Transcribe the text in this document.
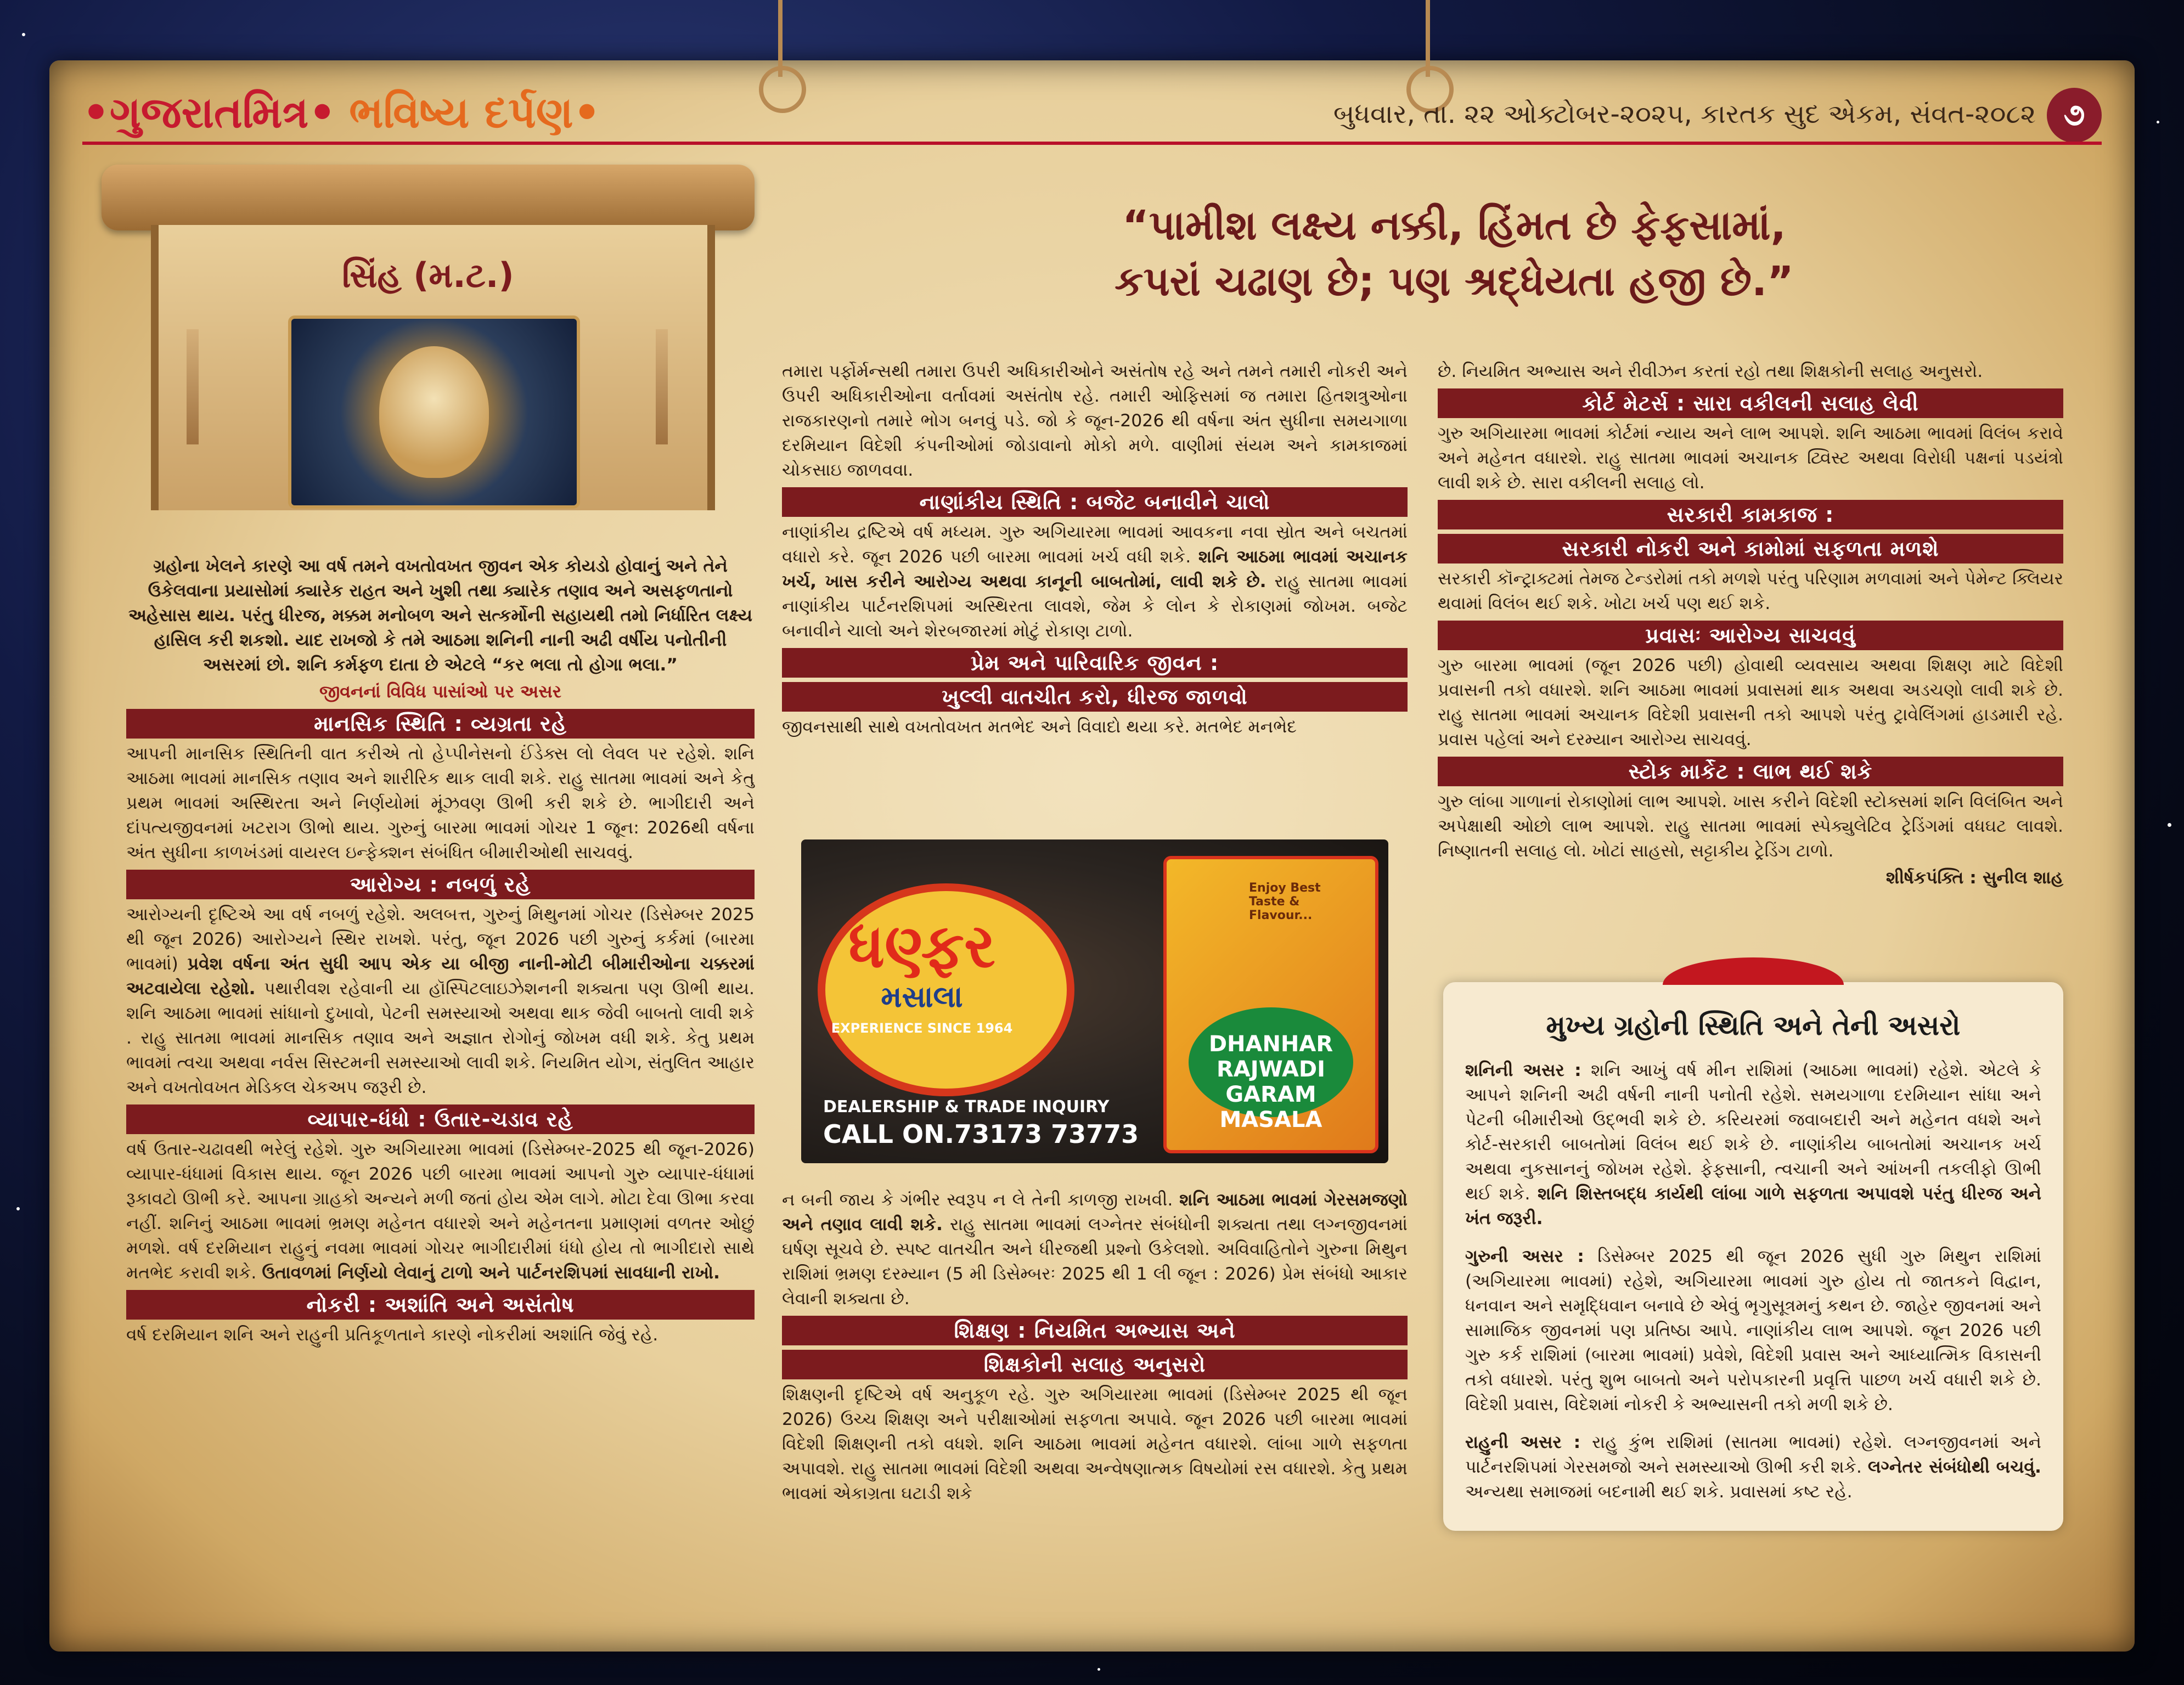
•ગુજરાતમિત્ર• ભવિષ્ય દર્પણ•	બુધવાર, તા. ૨૨ ઓક્ટોબર-૨૦૨૫, કારતક સુદ એકમ, સંવત-૨૦૮૨ ૭
સિંહ (મ.ટ.)
“પામીશ લક્ષ્ય નક્કી, હિંમત છે ફેફસામાં,
કપરાં ચઢાણ છે; પણ શ્રદ્ધેયતા હજી છે.”

ગ્રહોના ખેલને કારણે આ વર્ષ તમને વખતોવખત જીવન એક કોયડો હોવાનું અને તેને ઉકેલવાના પ્રયાસોમાં ક્યારેક રાહત અને ખુશી તથા ક્યારેક તણાવ અને અસફળતાનો અહેસાસ થાય. પરંતુ ધીરજ, મક્કમ મનોબળ અને સત્કર્મોની સહાયથી તમો નિર્ધારિત લક્ષ્ય હાસિલ કરી શકશો. યાદ રાખજો કે તમે આઠમા શનિની નાની અઢી વર્ષીય પનોતીની અસરમાં છો. શનિ કર્મફળ દાતા છે એટલે “કર ભલા તો હોગા ભલા.”

જીવનનાં વિવિધ પાસાંઓ પર અસર

માનસિક સ્થિતિ : વ્યગ્રતા રહે

આપની માનસિક સ્થિતિની વાત કરીએ તો હેપ્પીનેસનો ઈંડેક્સ લો લેવલ પર રહેશે. શનિ આઠમા ભાવમાં માનસિક તણાવ અને શારીરિક થાક લાવી શકે. રાહુ સાતમા ભાવમાં અને કેતુ પ્રથમ ભાવમાં અસ્થિરતા અને નિર્ણયોમાં મૂંઝવણ ઊભી કરી શકે છે. ભાગીદારી અને દાંપત્યજીવનમાં ખટરાગ ઊભો થાય. ગુરુનું બારમા ભાવમાં ગોચર 1 જૂન: 2026થી વર્ષના અંત સુધીના કાળખંડમાં વાયરલ ઇન્ફેક્શન સંબંધિત બીમારીઓથી સાચવવું.

આરોગ્ય : નબળું રહે

આરોગ્યની દૃષ્ટિએ આ વર્ષ નબળું રહેશે. અલબત્ત, ગુરુનું મિથુનમાં ગોચર (ડિસેમ્બર 2025 થી જૂન 2026) આરોગ્યને સ્થિર રાખશે. પરંતુ, જૂન 2026 પછી ગુરુનું કર્કમાં (બારમા ભાવમાં) પ્રવેશ વર્ષના અંત સુધી આપ એક યા બીજી નાની-મોટી બીમારીઓના ચક્કરમાં અટવાયેલા રહેશો. પથારીવશ રહેવાની યા હૉસ્પિટલાઇઝેશનની શક્યતા પણ ઊભી થાય. શનિ આઠમા ભાવમાં સાંધાનો દુખાવો, પેટની સમસ્યાઓ અથવા થાક જેવી બાબતો લાવી શકે . રાહુ સાતમા ભાવમાં માનસિક તણાવ અને અજ્ઞાત રોગોનું જોખમ વધી શકે. કેતુ પ્રથમ ભાવમાં ત્વચા અથવા નર્વસ સિસ્ટમની સમસ્યાઓ લાવી શકે. નિયમિત યોગ, સંતુલિત આહાર અને વખતોવખત મેડિકલ ચેકઅપ જરૂરી છે.

વ્યાપાર-ધંધો : ઉતાર-ચડાવ રહે

વર્ષ ઉતાર-ચઢાવથી ભરેલું રહેશે. ગુરુ અગિયારમા ભાવમાં (ડિસેમ્બર-2025 થી જૂન-2026) વ્યાપાર-ધંધામાં વિકાસ થાય. જૂન 2026 પછી બારમા ભાવમાં આપનો ગુરુ વ્યાપાર-ધંધામાં રૂકાવટો ઊભી કરે. આપના ગ્રાહકો અન્યને મળી જતાં હોય એમ લાગે. મોટા દેવા ઊભા કરવા નહીં. શનિનું આઠમા ભાવમાં ભ્રમણ મહેનત વધારશે અને મહેનતના પ્રમાણમાં વળતર ઓછું મળશે. વર્ષ દરમિયાન રાહુનું નવમા ભાવમાં ગોચર ભાગીદારીમાં ધંધો હોય તો ભાગીદારો સાથે મતભેદ કરાવી શકે. ઉતાવળમાં નિર્ણયો લેવાનું ટાળો અને પાર્ટનરશિપમાં સાવધાની રાખો.

નોકરી : અશાંતિ અને અસંતોષ

વર્ષ દરમિયાન શનિ અને રાહુની પ્રતિકૂળતાને કારણે નોકરીમાં અશાંતિ જેવું રહે.

તમારા પર્ફોર્મન્સથી તમારા ઉપરી અધિકારીઓને અસંતોષ રહે અને તમને તમારી નોકરી અને ઉપરી અધિકારીઓના વર્તાવમાં અસંતોષ રહે. તમારી ઓફિસમાં જ તમારા હિતશત્રુઓના રાજકારણનો તમારે ભોગ બનવું પડે. જો કે જૂન-2026 થી વર્ષના અંત સુધીના સમયગાળા દરમિયાન વિદેશી કંપનીઓમાં જોડાવાનો મોકો મળે. વાણીમાં સંયમ અને કામકાજમાં ચોકસાઇ જાળવવા.

નાણાંકીય સ્થિતિ : બજેટ બનાવીને ચાલો

નાણાંકીય દ્રષ્ટિએ વર્ષ મધ્યમ. ગુરુ અગિયારમા ભાવમાં આવકના નવા સ્રોત અને બચતમાં વધારો કરે. જૂન 2026 પછી બારમા ભાવમાં ખર્ચ વધી શકે. શનિ આઠમા ભાવમાં અચાનક ખર્ચ, ખાસ કરીને આરોગ્ય અથવા કાનૂની બાબતોમાં, લાવી શકે છે. રાહુ સાતમા ભાવમાં નાણાંકીય પાર્ટનરશિપમાં અસ્થિરતા લાવશે, જેમ કે લોન કે રોકાણમાં જોખમ. બજેટ બનાવીને ચાલો અને શેરબજારમાં મોટું રોકાણ ટાળો.

પ્રેમ અને પારિવારિક જીવન :
ખુલ્લી વાતચીત કરો, ધીરજ જાળવો

જીવનસાથી સાથે વખતોવખત મતભેદ અને વિવાદો થયા કરે. મતભેદ મનભેદ

ન બની જાય કે ગંભીર સ્વરૂપ ન લે તેની કાળજી રાખવી. શનિ આઠમા ભાવમાં ગેરસમજણો અને તણાવ લાવી શકે. રાહુ સાતમા ભાવમાં લગ્નેતર સંબંધોની શક્યતા તથા લગ્નજીવનમાં ઘર્ષણ સૂચવે છે. સ્પષ્ટ વાતચીત અને ધીરજથી પ્રશ્નો ઉકેલશો. અવિવાહિતોને ગુરુના મિથુન રાશિમાં ભ્રમણ દરમ્યાન (5 મી ડિસેમ્બરઃ 2025 થી 1 લી જૂન : 2026) પ્રેમ સંબંધો આકાર લેવાની શક્યતા છે.

શિક્ષણ : નિયમિત અભ્યાસ અને
શિક્ષકોની સલાહ અનુસરો

શિક્ષણની દૃષ્ટિએ વર્ષ અનુકૂળ રહે. ગુરુ અગિયારમા ભાવમાં (ડિસેમ્બર 2025 થી જૂન 2026) ઉચ્ચ શિક્ષણ અને પરીક્ષાઓમાં સફળતા અપાવે. જૂન 2026 પછી બારમા ભાવમાં વિદેશી શિક્ષણની તકો વધશે. શનિ આઠમા ભાવમાં મહેનત વધારશે. લાંબા ગાળે સફળતા અપાવશે. રાહુ સાતમા ભાવમાં વિદેશી અથવા અન્વેષણાત્મક વિષયોમાં રસ વધારશે. કેતુ પ્રથમ ભાવમાં એકાગ્રતા ઘટાડી શકે

ધણ્ફર
મસાલા
EXPERIENCE SINCE 1964
Enjoy Best Taste & Flavour...
DHANHAR RAJWADI GARAM MASALA
DEALERSHIP & TRADE INQUIRY
CALL ON.73173 73773

છે. નિયમિત અભ્યાસ અને રીવીઝન કરતાં રહો તથા શિક્ષકોની સલાહ અનુસરો.

કોર્ટ મેટર્સ : સારા વકીલની સલાહ લેવી

ગુરુ અગિયારમા ભાવમાં કોર્ટમાં ન્યાય અને લાભ આપશે. શનિ આઠમા ભાવમાં વિલંબ કરાવે અને મહેનત વધારશે. રાહુ સાતમા ભાવમાં અચાનક ટ્વિસ્ટ અથવા વિરોધી પક્ષનાં પડયંત્રો લાવી શકે છે. સારા વકીલની સલાહ લો.

સરકારી કામકાજ :
સરકારી નોકરી અને કામોમાં સફળતા મળશે

સરકારી કૉન્ટ્રાક્ટમાં તેમજ ટેન્ડરોમાં તકો મળશે પરંતુ પરિણામ મળવામાં અને પેમેન્ટ ક્લિયર થવામાં વિલંબ થઈ શકે. ખોટા ખર્ચ પણ થઈ શકે.

પ્રવાસઃ આરોગ્ય સાચવવું

ગુરુ બારમા ભાવમાં (જૂન 2026 પછી) હોવાથી વ્યવસાય અથવા શિક્ષણ માટે વિદેશી પ્રવાસની તકો વધારશે. શનિ આઠમા ભાવમાં પ્રવાસમાં થાક અથવા અડચણો લાવી શકે છે. રાહુ સાતમા ભાવમાં અચાનક વિદેશી પ્રવાસની તકો આપશે પરંતુ ટ્રાવેલિંગમાં હાડમારી રહે. પ્રવાસ પહેલાં અને દરમ્યાન આરોગ્ય સાચવવું.

સ્ટોક માર્કેટ : લાભ થઈ શકે

ગુરુ લાંબા ગાળાનાં રોકાણોમાં લાભ આપશે. ખાસ કરીને વિદેશી સ્ટોક્સમાં શનિ વિલંબિત અને અપેક્ષાથી ઓછો લાભ આપશે. રાહુ સાતમા ભાવમાં સ્પેક્યુલેટિવ ટ્રેડિંગમાં વધઘટ લાવશે. નિષ્ણાતની સલાહ લો. ખોટાં સાહસો, સટ્ટાકીય ટ્રેડિંગ ટાળો.

શીર્ષકપંક્તિ : સુનીલ શાહ

મુખ્ય ગ્રહોની સ્થિતિ અને તેની અસરો

શનિની અસર : શનિ આખું વર્ષ મીન રાશિમાં (આઠમા ભાવમાં) રહેશે. એટલે કે આપને શનિની અઢી વર્ષની નાની પનોતી રહેશે. સમયગાળા દરમિયાન સાંધા અને પેટની બીમારીઓ ઉદ્ભવી શકે છે. કરિયરમાં જવાબદારી અને મહેનત વધશે અને કોર્ટ-સરકારી બાબતોમાં વિલંબ થઈ શકે છે. નાણાંકીય બાબતોમાં અચાનક ખર્ચ અથવા નુકસાનનું જોખમ રહેશે. ફેફસાની, ત્વચાની અને આંખની તકલીફો ઊભી થઈ શકે. શનિ શિસ્તબદ્ધ કાર્યથી લાંબા ગાળે સફળતા અપાવશે પરંતુ ધીરજ અને ખંત જરૂરી.

ગુરુની અસર : ડિસેમ્બર 2025 થી જૂન 2026 સુધી ગુરુ મિથુન રાશિમાં (અગિયારમા ભાવમાં) રહેશે, અગિયારમા ભાવમાં ગુરુ હોય તો જાતકને વિદ્વાન, ધનવાન અને સમૃદ્ધિવાન બનાવે છે એવું ભૃગુસૂત્રમનું કથન છે. જાહેર જીવનમાં અને સામાજિક જીવનમાં પણ પ્રતિષ્ઠા આપે. નાણાંકીય લાભ આપશે. જૂન 2026 પછી ગુરુ કર્ક રાશિમાં (બારમા ભાવમાં) પ્રવેશે, વિદેશી પ્રવાસ અને આધ્યાત્મિક વિકાસની તકો વધારશે. પરંતુ શુભ બાબતો અને પરોપકારની પ્રવૃત્તિ પાછળ ખર્ચ વધારી શકે છે. વિદેશી પ્રવાસ, વિદેશમાં નોકરી કે અભ્યાસની તકો મળી શકે છે.

રાહુની અસર : રાહુ કુંભ રાશિમાં (સાતમા ભાવમાં) રહેશે. લગ્નજીવનમાં અને પાર્ટનરશિપમાં ગેરસમજો અને સમસ્યાઓ ઊભી કરી શકે. લગ્નેતર સંબંધોથી બચવું. અન્યથા સમાજમાં બદનામી થઈ શકે. પ્રવાસમાં કષ્ટ રહે.
